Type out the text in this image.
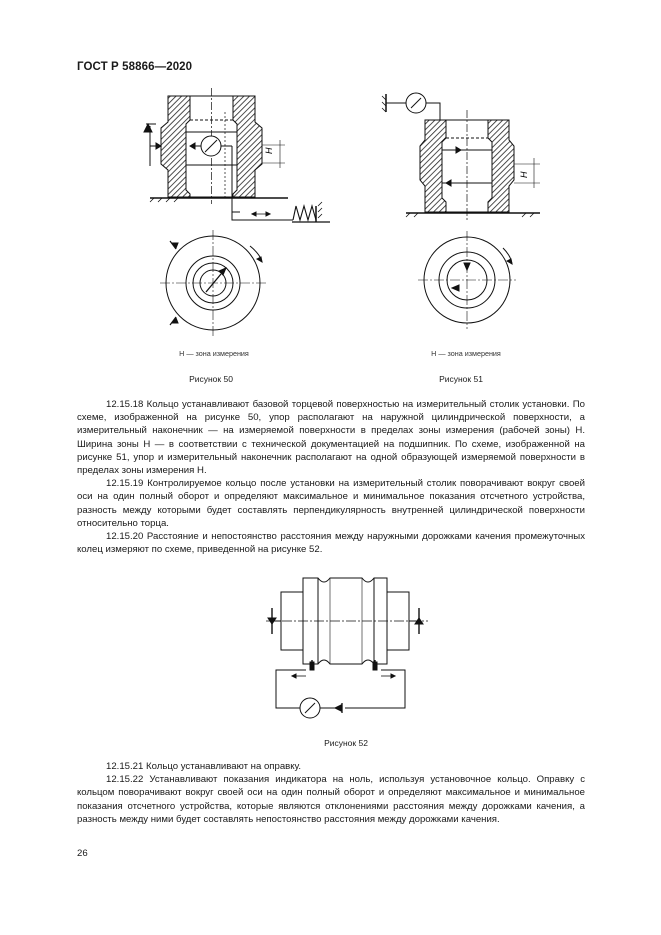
ГОСТ Р 58866—2020
H
H
H — зона измерения	H — зона измерения
Рисунок 50	Рисунок 51

12.15.18 Кольцо устанавливают базовой торцевой поверхностью на измерительный столик установки. По схеме, изображенной на рисунке 50, упор располагают на наружной цилиндрической поверхности, а измерительный наконечник — на измеряемой поверхности в пределах зоны измерения (рабочей зоны) H. Ширина зоны H — в соответствии с технической документацией на подшипник. По схеме, изображенной на рисунке 51, упор и измерительный наконечник располагают на одной образующей измеряемой поверхности в пределах зоны измерения H.

12.15.19 Контролируемое кольцо после установки на измерительный столик поворачивают вокруг своей оси на один полный оборот и определяют максимальное и минимальное показания отсчетного устройства, разность между которыми будет составлять перпендикулярность внутренней цилиндрической поверхности относительно торца.

12.15.20 Расстояние и непостоянство расстояния между наружными дорожками качения промежуточных колец измеряют по схеме, приведенной на рисунке 52.

Рисунок 52

12.15.21 Кольцо устанавливают на оправку.

12.15.22 Устанавливают показания индикатора на ноль, используя установочное кольцо. Оправку с кольцом поворачивают вокруг своей оси на один полный оборот и определяют максимальное и минимальное показания отсчетного устройства, которые являются отклонениями расстояния между дорожками качения, а разность между ними будет составлять непостоянство расстояния между дорожками качения.

26
